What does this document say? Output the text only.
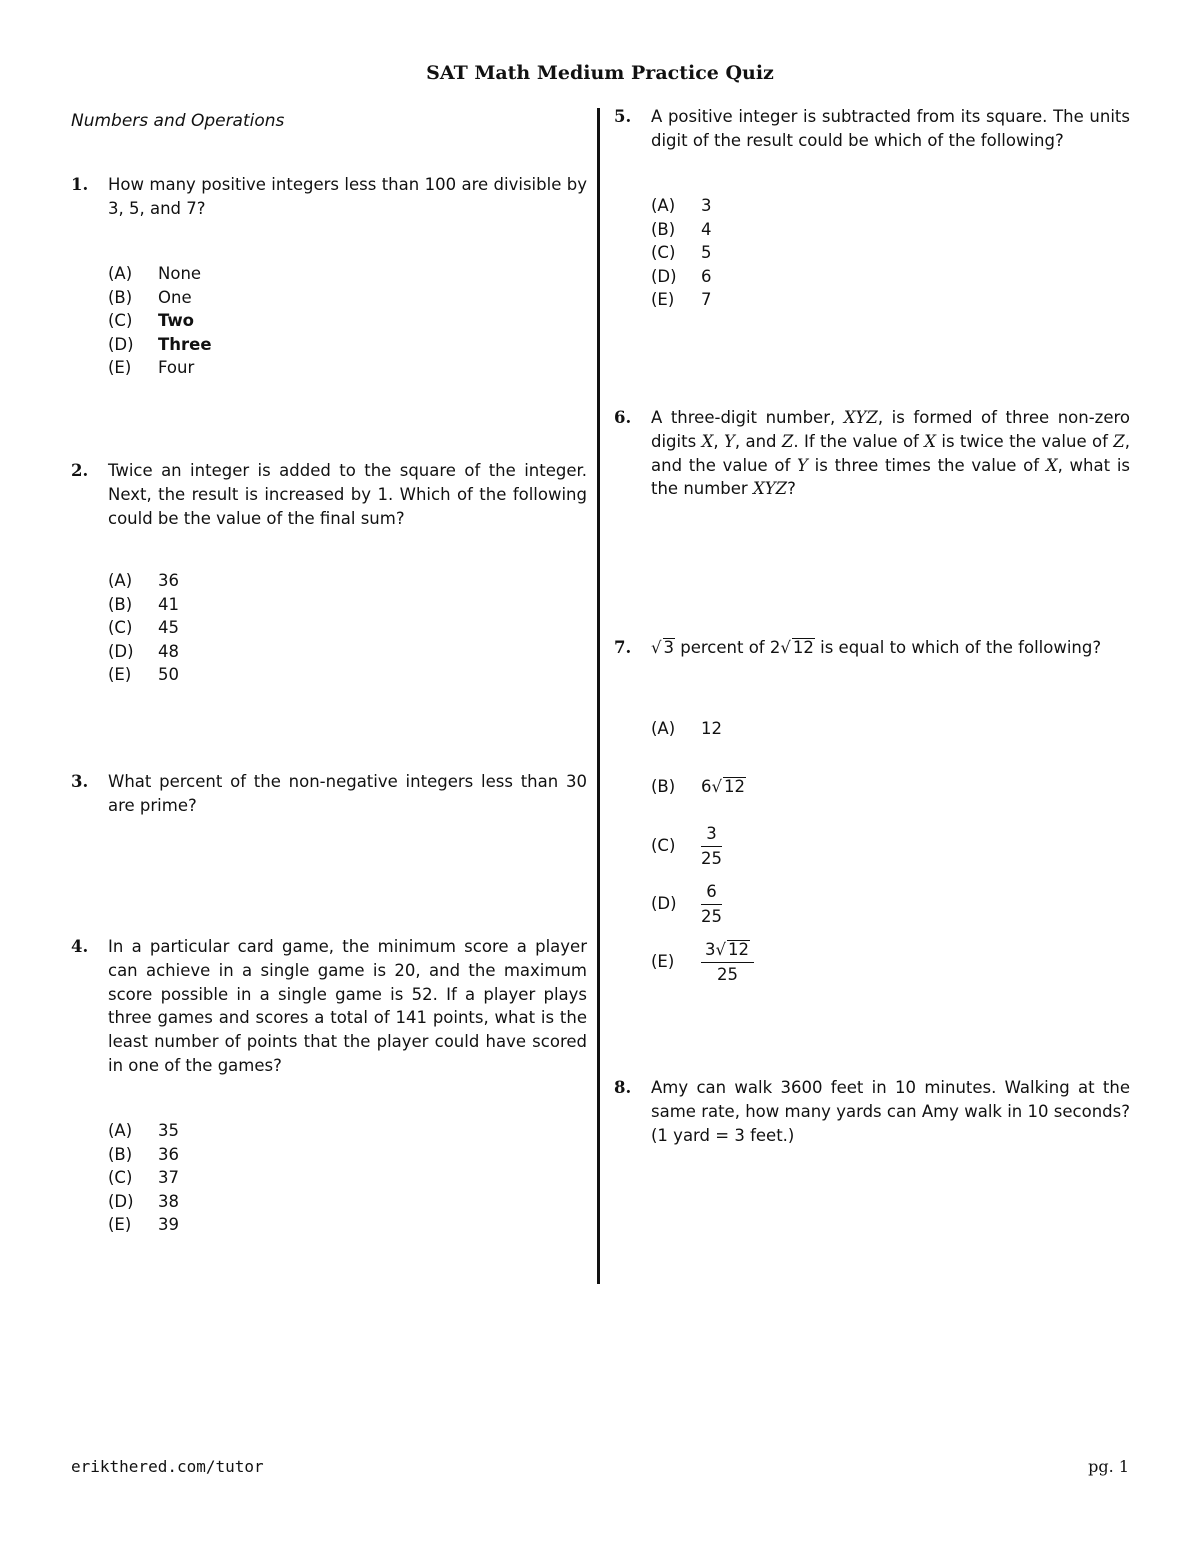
SAT Math Medium Practice Quiz
Numbers and Operations
1. How many positive integers less than 100 are divisible by 3, 5, and 7?
(A) None
(B) One
(C) Two
(D) Three
(E) Four
2. Twice an integer is added to the square of the integer. Next, the result is increased by 1. Which of the following could be the value of the final sum?
(A) 36
(B) 41
(C) 45
(D) 48
(E) 50
3. What percent of the non-negative integers less than 30 are prime?
4. In a particular card game, the minimum score a player can achieve in a single game is 20, and the maximum score possible in a single game is 52. If a player plays three games and scores a total of 141 points, what is the least number of points that the player could have scored in one of the games?
(A) 35
(B) 36
(C) 37
(D) 38
(E) 39
5. A positive integer is subtracted from its square. The units digit of the result could be which of the following?
(A) 3
(B) 4
(C) 5
(D) 6
(E) 7
6. A three-digit number, XYZ, is formed of three non-zero digits X, Y, and Z. If the value of X is twice the value of Z, and the value of Y is three times the value of X, what is the number XYZ?
7. √ 3 percent of 2√ 12 is equal to which of the following?
(A) 12
(B) 6√ 12
$(C) \frac{3}{25}$
$(D) \frac{6}{25}$
$(E) \frac{3√ 12}{25}$
8. Amy can walk 3600 feet in 10 minutes. Walking at the same rate, how many yards can Amy walk in 10 seconds? (1 yard = 3 feet.)
erikthered.com/tutor	pg. 1
